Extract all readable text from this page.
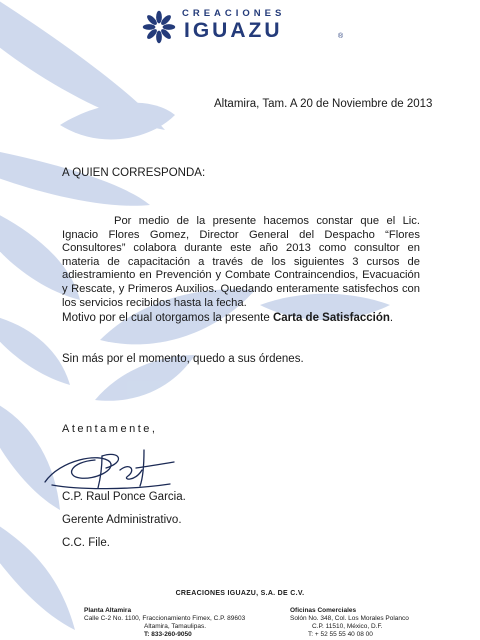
CREACIONES
IGUAZU	®
Altamira, Tam. A 20 de Noviembre de 2013
A QUIEN CORRESPONDA:
Por medio de la presente hacemos constar que el Lic. Ignacio Flores Gomez, Director General del Despacho “Flores Consultores” colabora durante este año 2013 como consultor en materia de capacitación a través de los siguientes 3 cursos de adiestramiento en Prevención y Combate Contraincendios, Evacuación y Rescate, y Primeros Auxilios. Quedando enteramente satisfechos con los servicios recibidos hasta la fecha.
Motivo por el cual otorgamos la presente Carta de Satisfacción.
Sin más por el momento, quedo a sus órdenes.
Atentamente,
C.P. Raul Ponce Garcia.
Gerente Administrativo.
C.C. File.
CREACIONES IGUAZU, S.A. DE C.V.
Planta Altamira
Calle C-2 No. 1100, Fraccionamiento Fimex, C.P. 89603
Altamira, Tamaulipas.
T: 833-260-9050
Oficinas Comerciales
Solón No. 348, Col. Los Morales Polanco
C.P. 11510, México, D.F.
T: + 52 55 55 40 08 00
